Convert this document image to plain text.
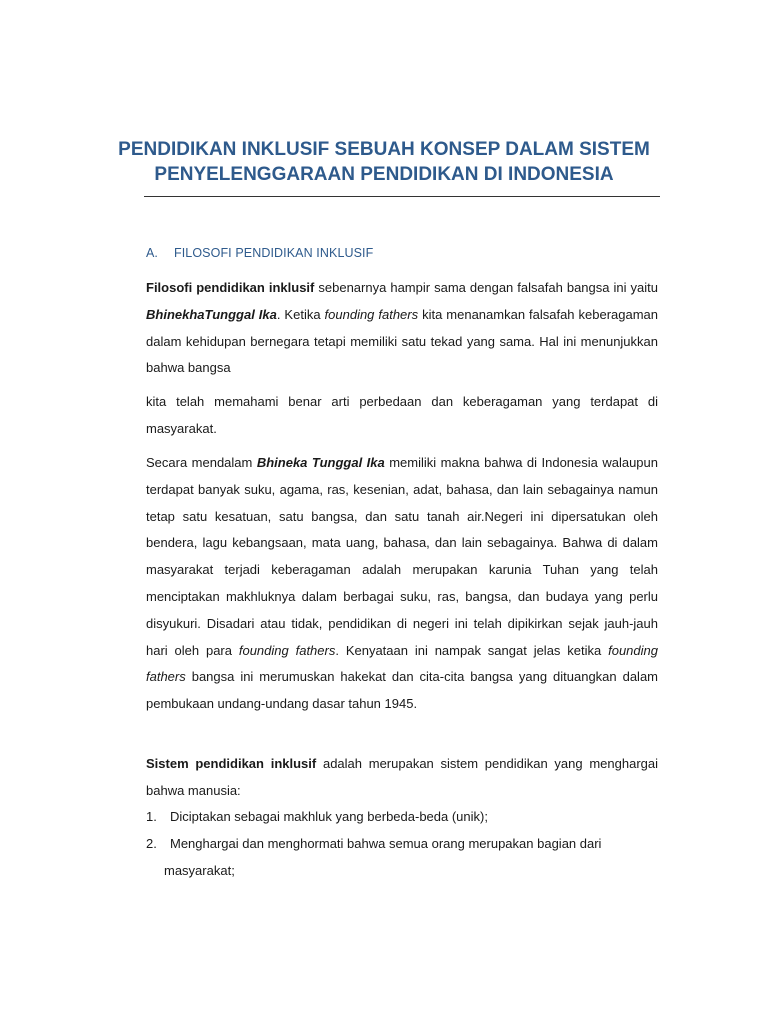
PENDIDIKAN INKLUSIF SEBUAH KONSEP DALAM SISTEM
PENYELENGGARAAN PENDIDIKAN DI INDONESIA
A. FILOSOFI PENDIDIKAN INKLUSIF
Filosofi pendidikan inklusif sebenarnya hampir sama dengan falsafah bangsa ini yaitu BhinekhaTunggal Ika. Ketika founding fathers kita menanamkan falsafah keberagaman dalam kehidupan bernegara tetapi memiliki satu tekad yang sama. Hal ini menunjukkan bahwa bangsa
kita telah memahami benar arti perbedaan dan keberagaman yang terdapat di masyarakat.
Secara mendalam Bhineka Tunggal Ika memiliki makna bahwa di Indonesia walaupun terdapat banyak suku, agama, ras, kesenian, adat, bahasa, dan lain sebagainya namun tetap satu kesatuan, satu bangsa, dan satu tanah air.Negeri ini dipersatukan oleh bendera, lagu kebangsaan, mata uang, bahasa, dan lain sebagainya. Bahwa di dalam masyarakat terjadi keberagaman adalah merupakan karunia Tuhan yang telah menciptakan makhluknya dalam berbagai suku, ras, bangsa, dan budaya yang perlu disyukuri. Disadari atau tidak, pendidikan di negeri ini telah dipikirkan sejak jauh-jauh hari oleh para founding fathers. Kenyataan ini nampak sangat jelas ketika founding fathers bangsa ini merumuskan hakekat dan cita-cita bangsa yang dituangkan dalam pembukaan undang-undang dasar tahun 1945.
Sistem pendidikan inklusif adalah merupakan sistem pendidikan yang menghargai bahwa manusia:
1. Diciptakan sebagai makhluk yang berbeda-beda (unik);
2. Menghargai dan menghormati bahwa semua orang merupakan bagian dari
masyarakat;
